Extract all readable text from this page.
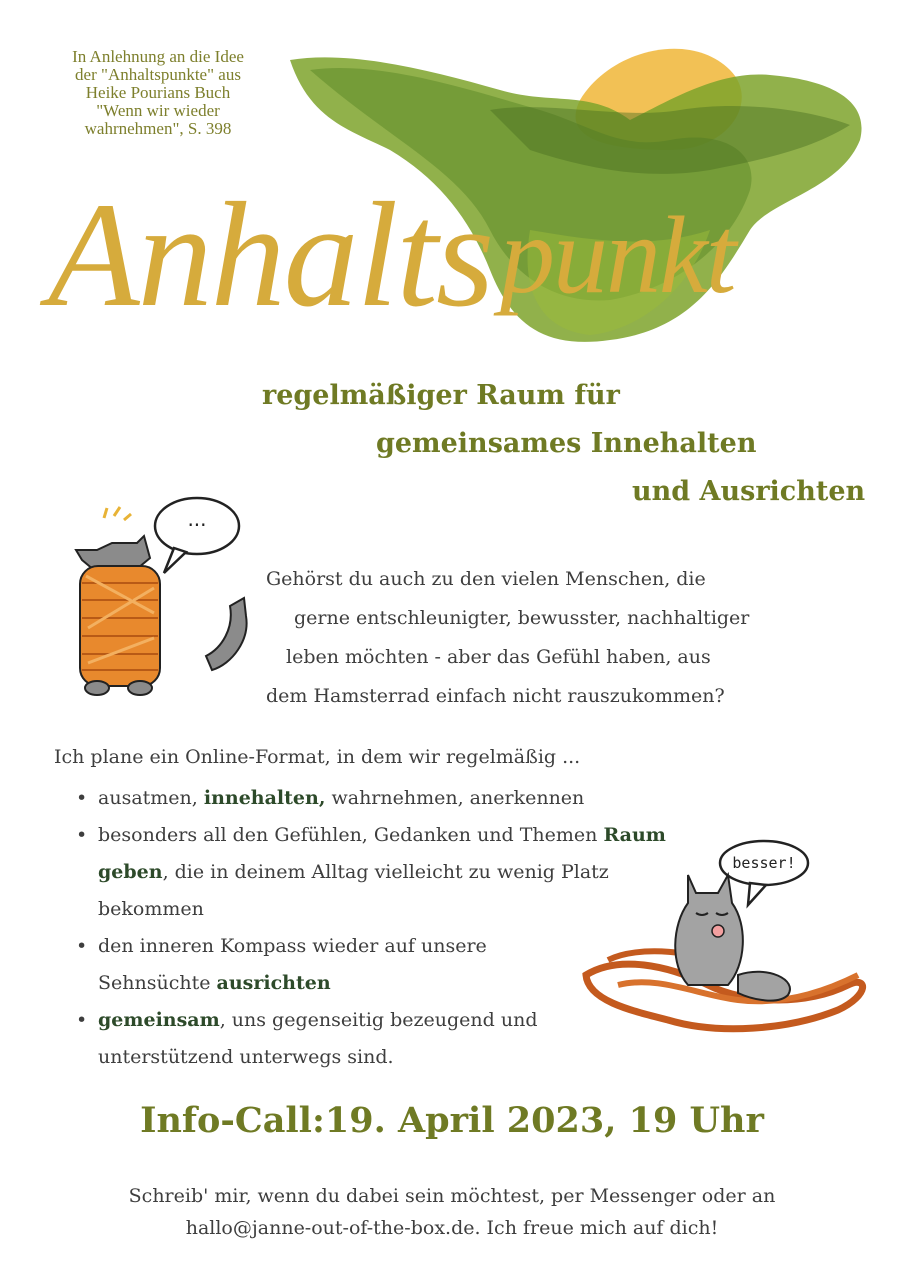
In Anlehnung an die Idee
der "Anhaltspunkte" aus
Heike Pourians Buch
"Wenn wir wieder
wahrnehmen", S. 398
Anhalts punkt
regelmäßiger Raum für
gemeinsames Innehalten
und Ausrichten
...
Gehörst du auch zu den vielen Menschen, die
gerne entschleunigter, bewusster, nachhaltiger
leben möchten - aber das Gefühl haben, aus
dem Hamsterrad einfach nicht rauszukommen?
Ich plane ein Online-Format, in dem wir regelmäßig ...
• ausatmen, innehalten, wahrnehmen, anerkennen
• besonders all den Gefühlen, Gedanken und Themen Raum geben, die in deinem Alltag vielleicht zu wenig Platz bekommen
• den inneren Kompass wieder auf unsere Sehnsüchte ausrichten
• gemeinsam, uns gegenseitig bezeugend und unterstützend unterwegs sind.
besser!
Info-Call:19. April 2023, 19 Uhr
Schreib' mir, wenn du dabei sein möchtest, per Messenger oder an
hallo@janne-out-of-the-box.de. Ich freue mich auf dich!
